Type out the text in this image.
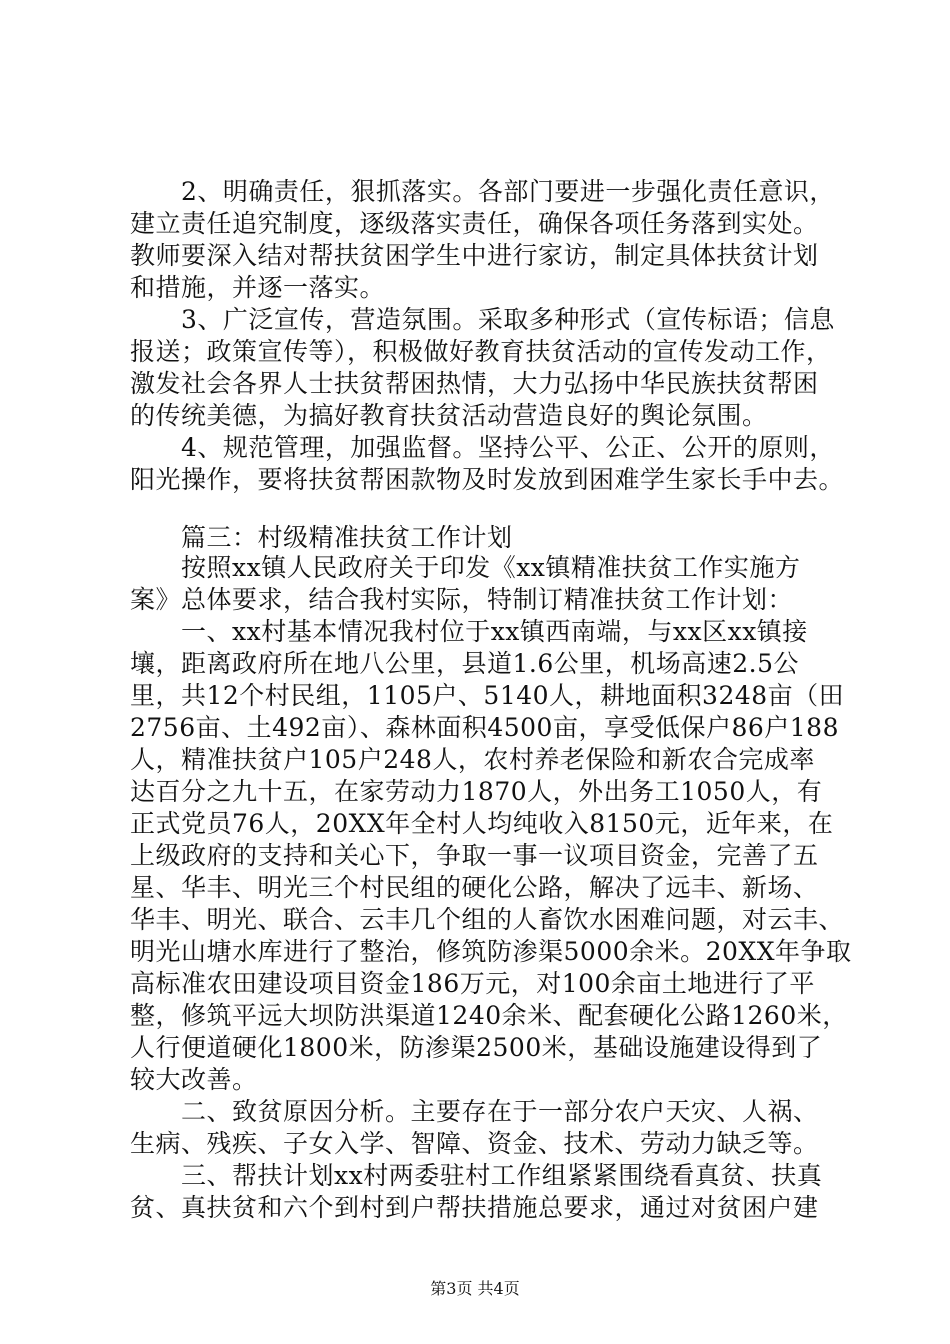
　　2、明确责任，狠抓落实。各部门要进一步强化责任意识，
建立责任追究制度，逐级落实责任，确保各项任务落到实处。
教师要深入结对帮扶贫困学生中进行家访，制定具体扶贫计划
和措施，并逐一落实。
　　3、广泛宣传，营造氛围。采取多种形式（宣传标语；信息
报送；政策宣传等），积极做好教育扶贫活动的宣传发动工作，
激发社会各界人士扶贫帮困热情，大力弘扬中华民族扶贫帮困
的传统美德，为搞好教育扶贫活动营造良好的舆论氛围。
　　4、规范管理，加强监督。坚持公平、公正、公开的原则，
阳光操作，要将扶贫帮困款物及时发放到困难学生家长手中去。
　　篇三：村级精准扶贫工作计划
　　按照xx镇人民政府关于印发《xx镇精准扶贫工作实施方
案》总体要求，结合我村实际，特制订精准扶贫工作计划：
　　一、xx村基本情况我村位于xx镇西南端，与xx区xx镇接
壤，距离政府所在地八公里，县道1.6公里，机场高速2.5公
里，共12个村民组，1105户、5140人，耕地面积3248亩（田
2756亩、土492亩）、森林面积4500亩，享受低保户86户188
人，精准扶贫户105户248人，农村养老保险和新农合完成率
达百分之九十五，在家劳动力1870人，外出务工1050人，有
正式党员76人，20XX年全村人均纯收入8150元，近年来，在
上级政府的支持和关心下，争取一事一议项目资金，完善了五
星、华丰、明光三个村民组的硬化公路，解决了远丰、新场、
华丰、明光、联合、云丰几个组的人畜饮水困难问题，对云丰、
明光山塘水库进行了整治，修筑防渗渠5000余米。20XX年争取
高标准农田建设项目资金186万元，对100余亩土地进行了平
整，修筑平远大坝防洪渠道1240余米、配套硬化公路1260米，
人行便道硬化1800米，防渗渠2500米，基础设施建设得到了
较大改善。
　　二、致贫原因分析。主要存在于一部分农户天灾、人祸、
生病、残疾、子女入学、智障、资金、技术、劳动力缺乏等。
　　三、帮扶计划xx村两委驻村工作组紧紧围绕看真贫、扶真
贫、真扶贫和六个到村到户帮扶措施总要求，通过对贫困户建
第3页 共4页
